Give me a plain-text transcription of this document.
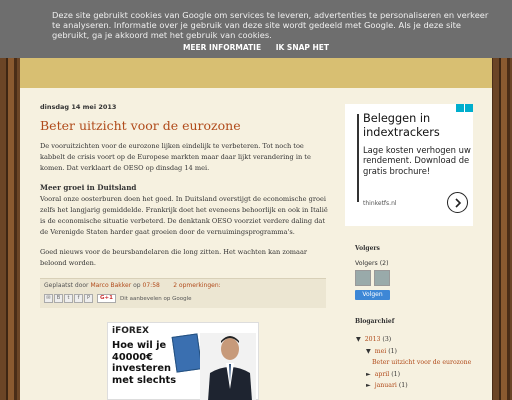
Deze site gebruikt cookies van Google om services te leveren, advertenties te personaliseren en verkeer te analyseren. Informatie over je gebruik van deze site wordt gedeeld met Google. Als je deze site gebruikt, ga je akkoord met het gebruik van cookies.
MEER INFORMATIE IK SNAP HET
dinsdag 14 mei 2013
Beter uitzicht voor de eurozone

De vooruitzichten voor de eurozone lijken eindelijk te verbeteren. Tot noch toe kabbelt de crisis voort op de Europese markten maar daar lijkt verandering in te komen. Dat verklaart de OESO op dinsdag 14 mei.

Meer groei in Duitsland

Vooral onze oosterburen doen het goed. In Duitsland overstijgt de economische groei zelfs het langjarig gemiddelde. Frankrijk doet het eveneens behoorlijk en ook in Italië is de economische situatie verbeterd. De denktank OESO voorziet verdere daling dat de Verenigde Staten harder gaat groeien door de vernuimingsprogramma's.

Goed nieuws voor de beursbandelaren die long zitten. Het wachten kan zomaar beloond worden.

Geplaatst door Marco Bakker op 07:58 2 opmerkingen:
✉	B	t	f	P	G+1	Dit aanbevelen op Google
iFOREX
Hoe wil je
40000€
investeren
met slechts
Beleggen in indextrackers
Lage kosten verhogen uw rendement. Download de gratis brochure!
thinketfs.nl
Volgers
Volgers (2)
Volgen
Blogarchief
▼ 2013 (3)
▼ mei (1)
Beter uitzicht voor de eurozone
► april (1)
► januari (1)
